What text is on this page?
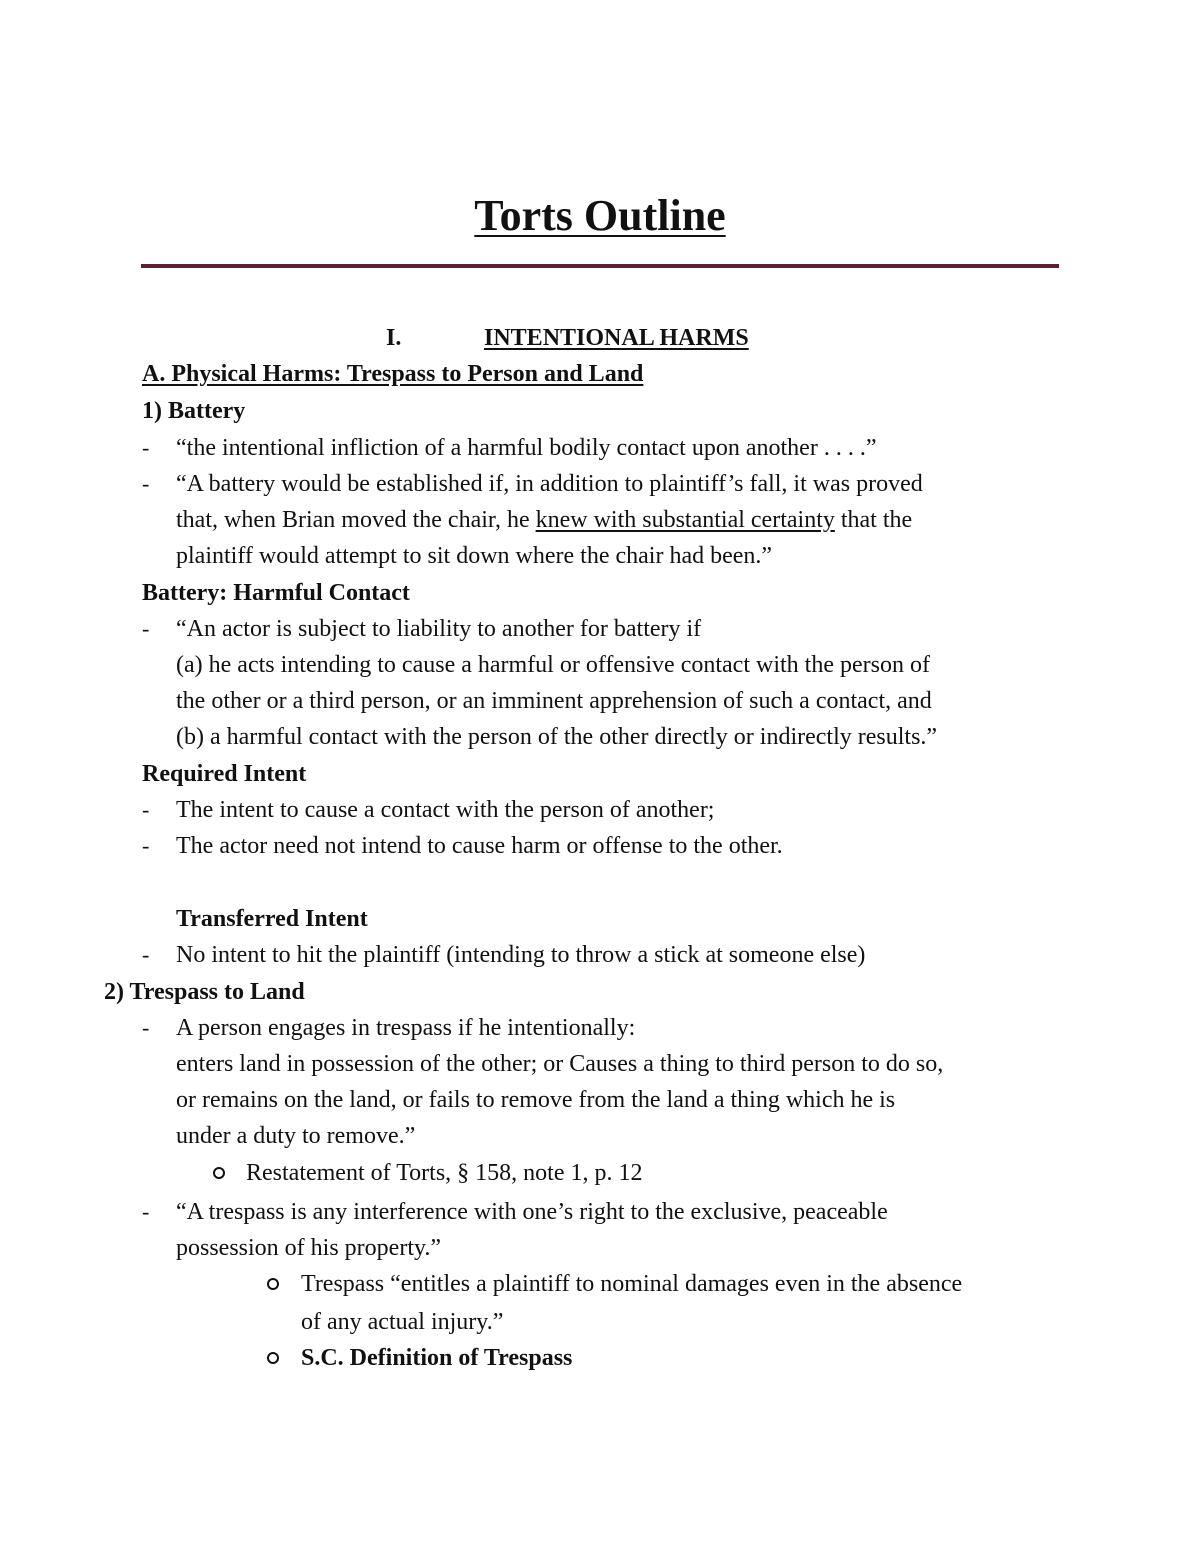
Torts Outline
I.	INTENTIONAL HARMS
A. Physical Harms: Trespass to Person and Land
1) Battery
- “the intentional infliction of a harmful bodily contact upon another . . . .”
- “A battery would be established if, in addition to plaintiff’s fall, it was proved
that, when Brian moved the chair, he knew with substantial certainty that the
plaintiff would attempt to sit down where the chair had been.”
Battery: Harmful Contact
- “An actor is subject to liability to another for battery if
(a) he acts intending to cause a harmful or offensive contact with the person of
the other or a third person, or an imminent apprehension of such a contact, and
(b) a harmful contact with the person of the other directly or indirectly results.”
Required Intent
- The intent to cause a contact with the person of another;
- The actor need not intend to cause harm or offense to the other.
Transferred Intent
- No intent to hit the plaintiff (intending to throw a stick at someone else)
2) Trespass to Land
- A person engages in trespass if he intentionally:
enters land in possession of the other; or Causes a thing to third person to do so,
or remains on the land, or fails to remove from the land a thing which he is
under a duty to remove.”
Restatement of Torts, § 158, note 1, p. 12
- “A trespass is any interference with one’s right to the exclusive, peaceable
possession of his property.”
Trespass “entitles a plaintiff to nominal damages even in the absence
of any actual injury.”
S.C. Definition of Trespass
